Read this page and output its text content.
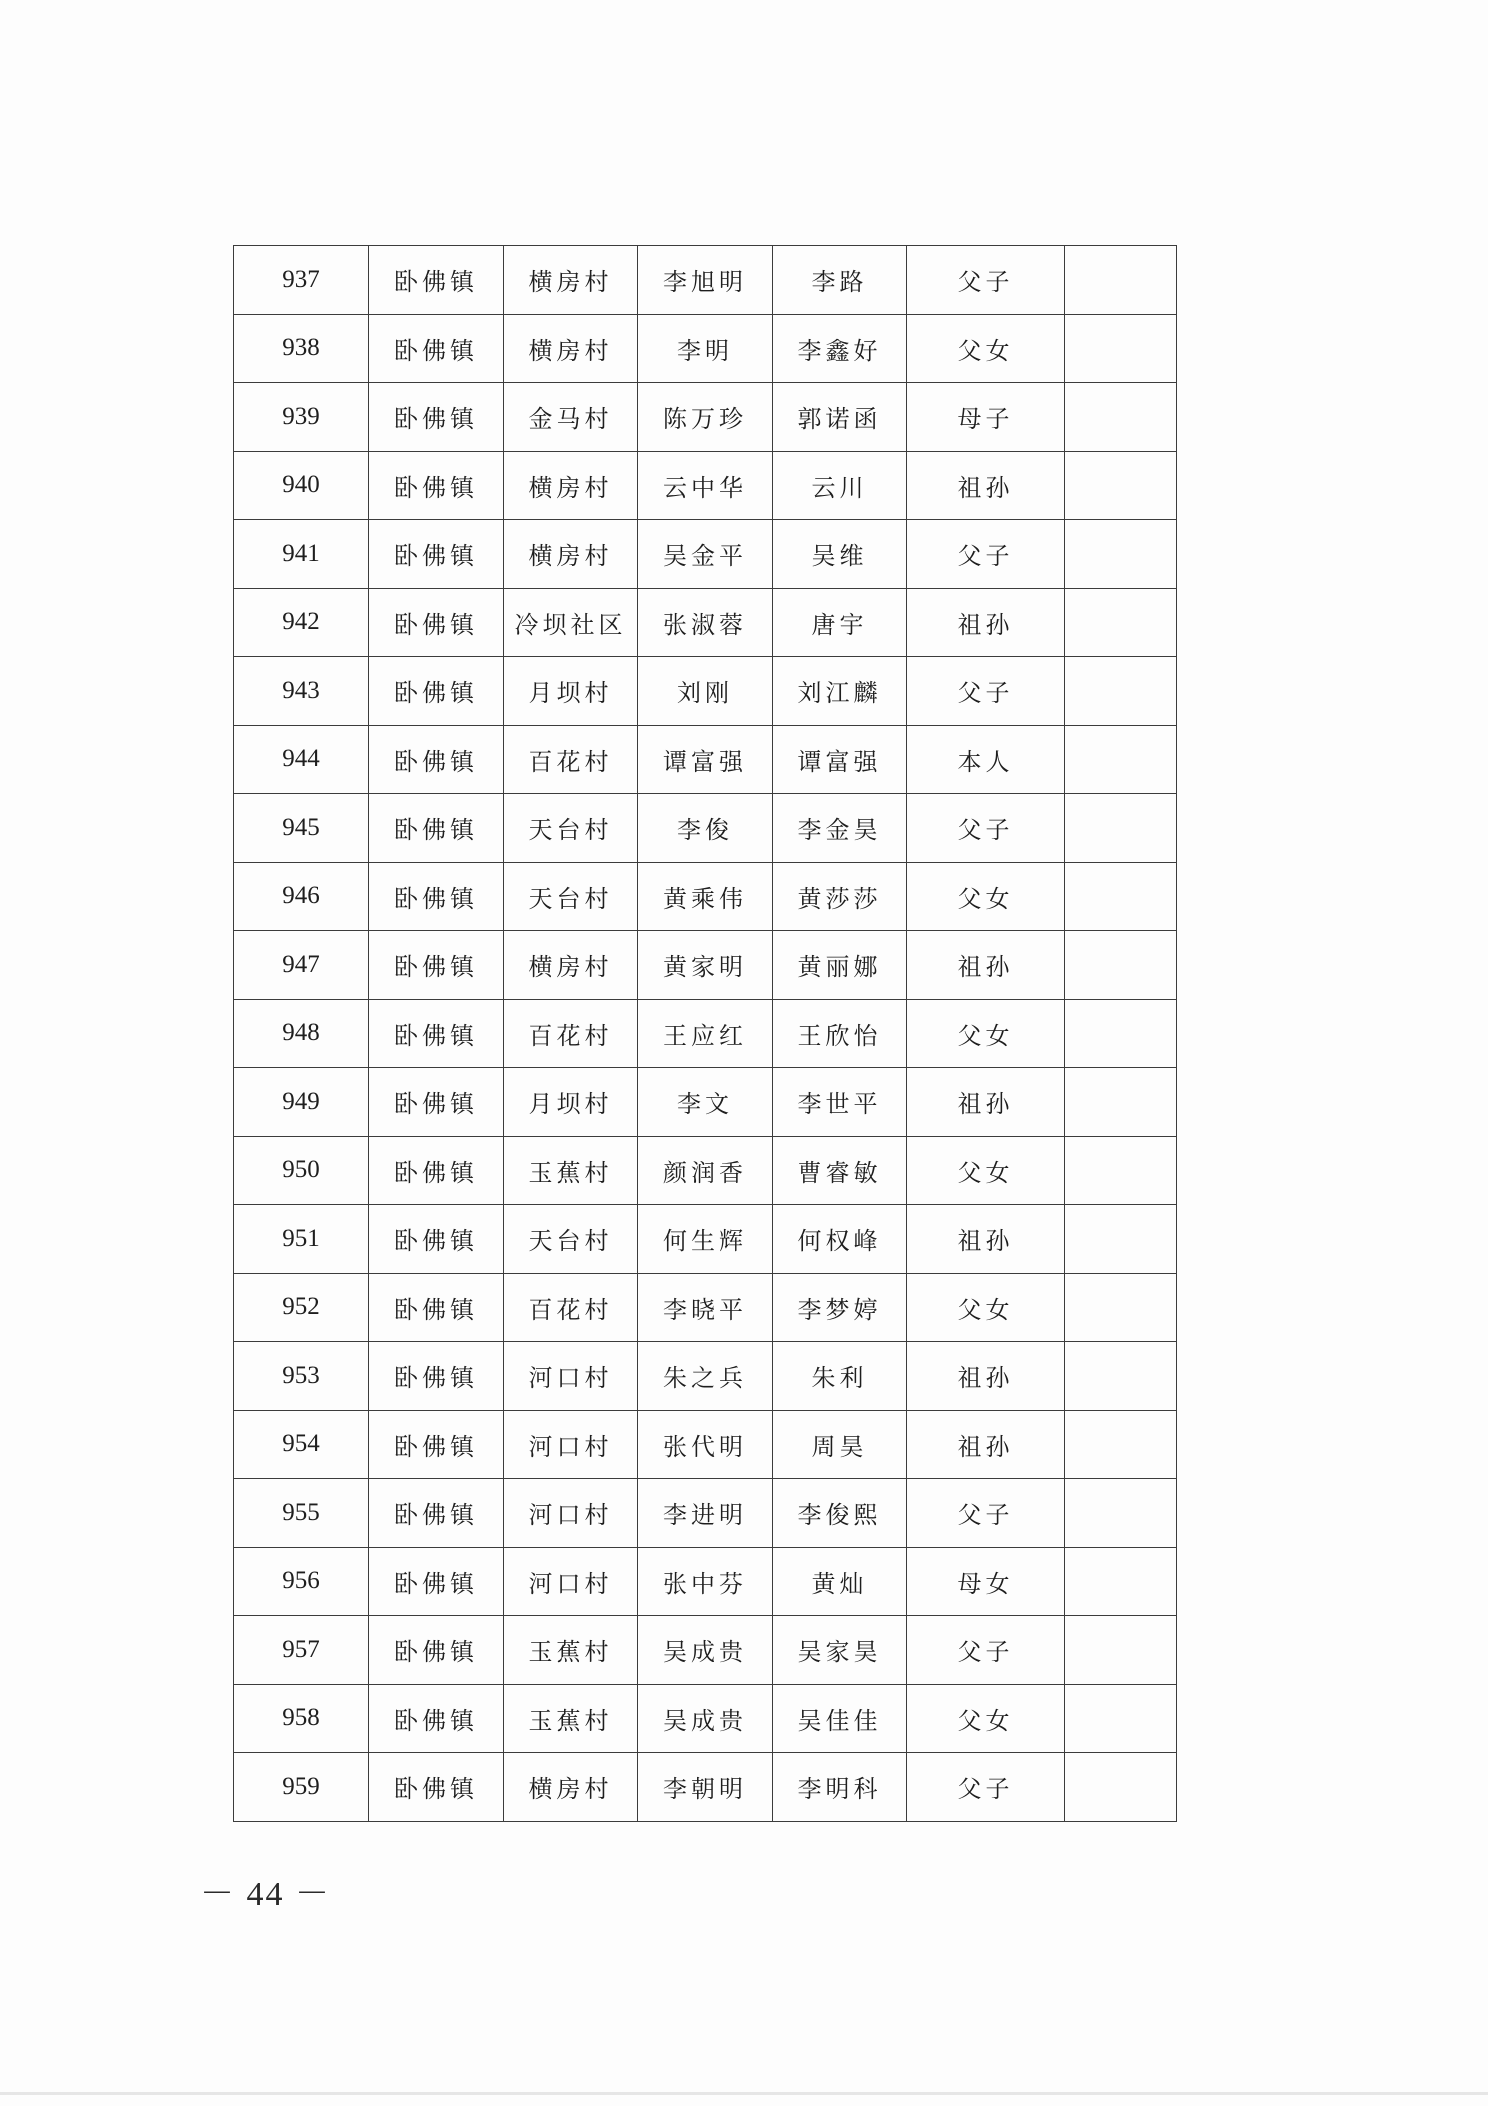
937	卧佛镇	横房村	李旭明	李路	父子	
938	卧佛镇	横房村	李明	李鑫好	父女	
939	卧佛镇	金马村	陈万珍	郭诺函	母子	
940	卧佛镇	横房村	云中华	云川	祖孙	
941	卧佛镇	横房村	吴金平	吴维	父子	
942	卧佛镇	冷坝社区	张淑蓉	唐宇	祖孙	
943	卧佛镇	月坝村	刘刚	刘江麟	父子	
944	卧佛镇	百花村	谭富强	谭富强	本人	
945	卧佛镇	天台村	李俊	李金昊	父子	
946	卧佛镇	天台村	黄乘伟	黄莎莎	父女	
947	卧佛镇	横房村	黄家明	黄丽娜	祖孙	
948	卧佛镇	百花村	王应红	王欣怡	父女	
949	卧佛镇	月坝村	李文	李世平	祖孙	
950	卧佛镇	玉蕉村	颜润香	曹睿敏	父女	
951	卧佛镇	天台村	何生辉	何权峰	祖孙	
952	卧佛镇	百花村	李晓平	李梦婷	父女	
953	卧佛镇	河口村	朱之兵	朱利	祖孙	
954	卧佛镇	河口村	张代明	周昊	祖孙	
955	卧佛镇	河口村	李进明	李俊熙	父子	
956	卧佛镇	河口村	张中芬	黄灿	母女	
957	卧佛镇	玉蕉村	吴成贵	吴家昊	父子	
958	卧佛镇	玉蕉村	吴成贵	吴佳佳	父女	
959	卧佛镇	横房村	李朝明	李明科	父子	
－ 44 －
